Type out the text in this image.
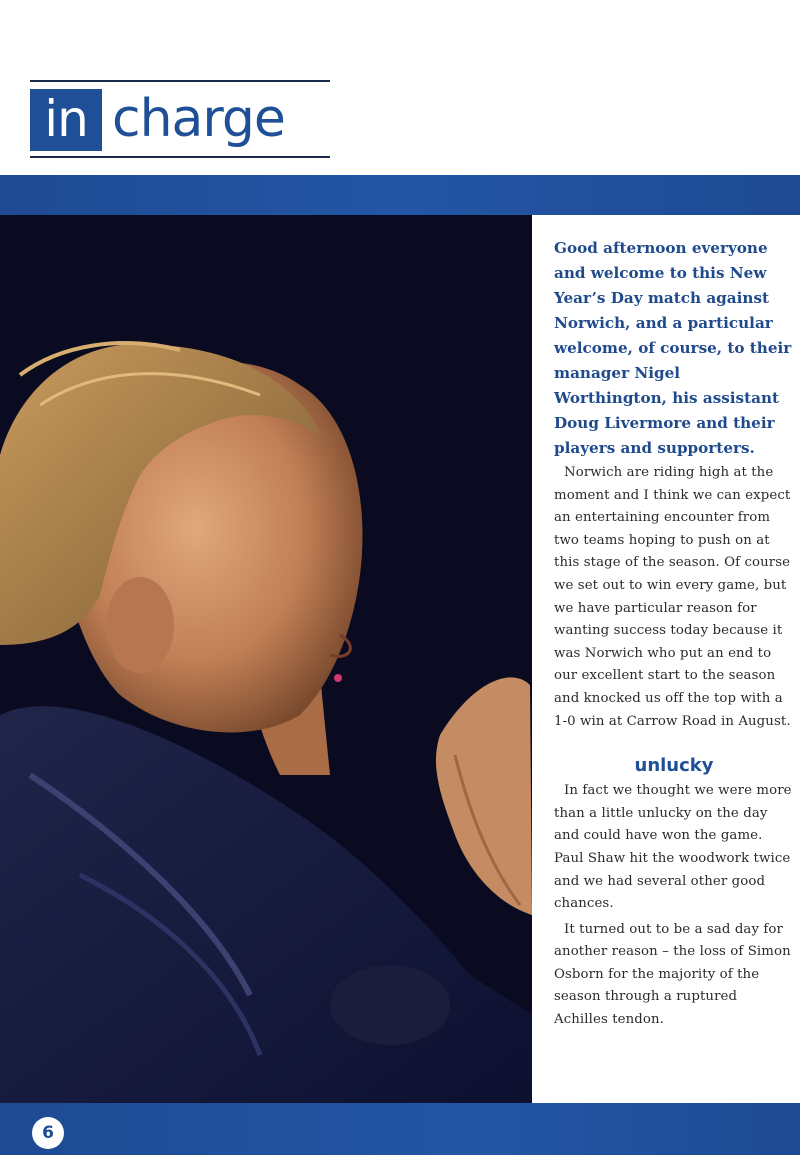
in charge
6

Good afternoon everyone and welcome to this New Year’s Day match against Norwich, and a particular welcome, of course, to their manager Nigel Worthington, his assistant Doug Livermore and their players and supporters.

Norwich are riding high at the moment and I think we can expect an entertaining encounter from two teams hoping to push on at this stage of the season. Of course we set out to win every game, but we have particular reason for wanting success today because it was Norwich who put an end to our excellent start to the season and knocked us off the top with a 1-0 win at Carrow Road in August.

unlucky

In fact we thought we were more than a little unlucky on the day and could have won the game. Paul Shaw hit the woodwork twice and we had several other good chances.

It turned out to be a sad day for another reason – the loss of Simon Osborn for the majority of the season through a ruptured Achilles tendon.
